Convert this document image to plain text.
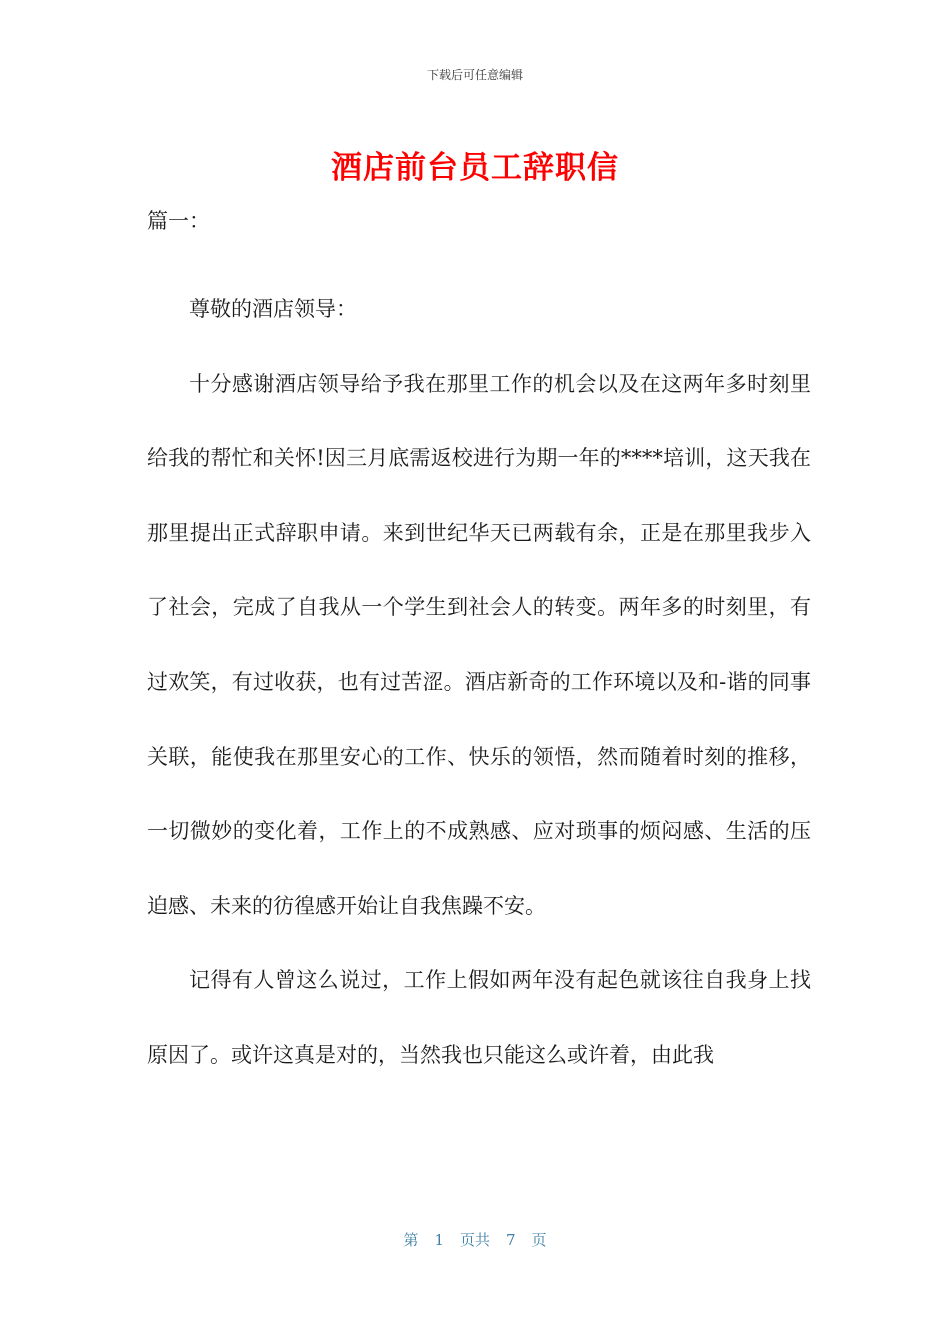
下载后可任意编辑
酒店前台员工辞职信
篇一：

尊敬的酒店领导：

十分感谢酒店领导给予我在那里工作的机会以及在这两年多时刻里给我的帮忙和关怀!因三月底需返校进行为期一年的****培训，这天我在那里提出正式辞职申请。来到世纪华天已两载有余，正是在那里我步入了社会，完成了自我从一个学生到社会人的转变。两年多的时刻里，有过欢笑，有过收获，也有过苦涩。酒店新奇的工作环境以及和-谐的同事关联，能使我在那里安心的工作、快乐的领悟，然而随着时刻的推移，一切微妙的变化着，工作上的不成熟感、应对琐事的烦闷感、生活的压迫感、未来的彷徨感开始让自我焦躁不安。

记得有人曾这么说过，工作上假如两年没有起色就该往自我身上找原因了。或许这真是对的，当然我也只能这么或许着，由此我

第 1 页共 7 页
